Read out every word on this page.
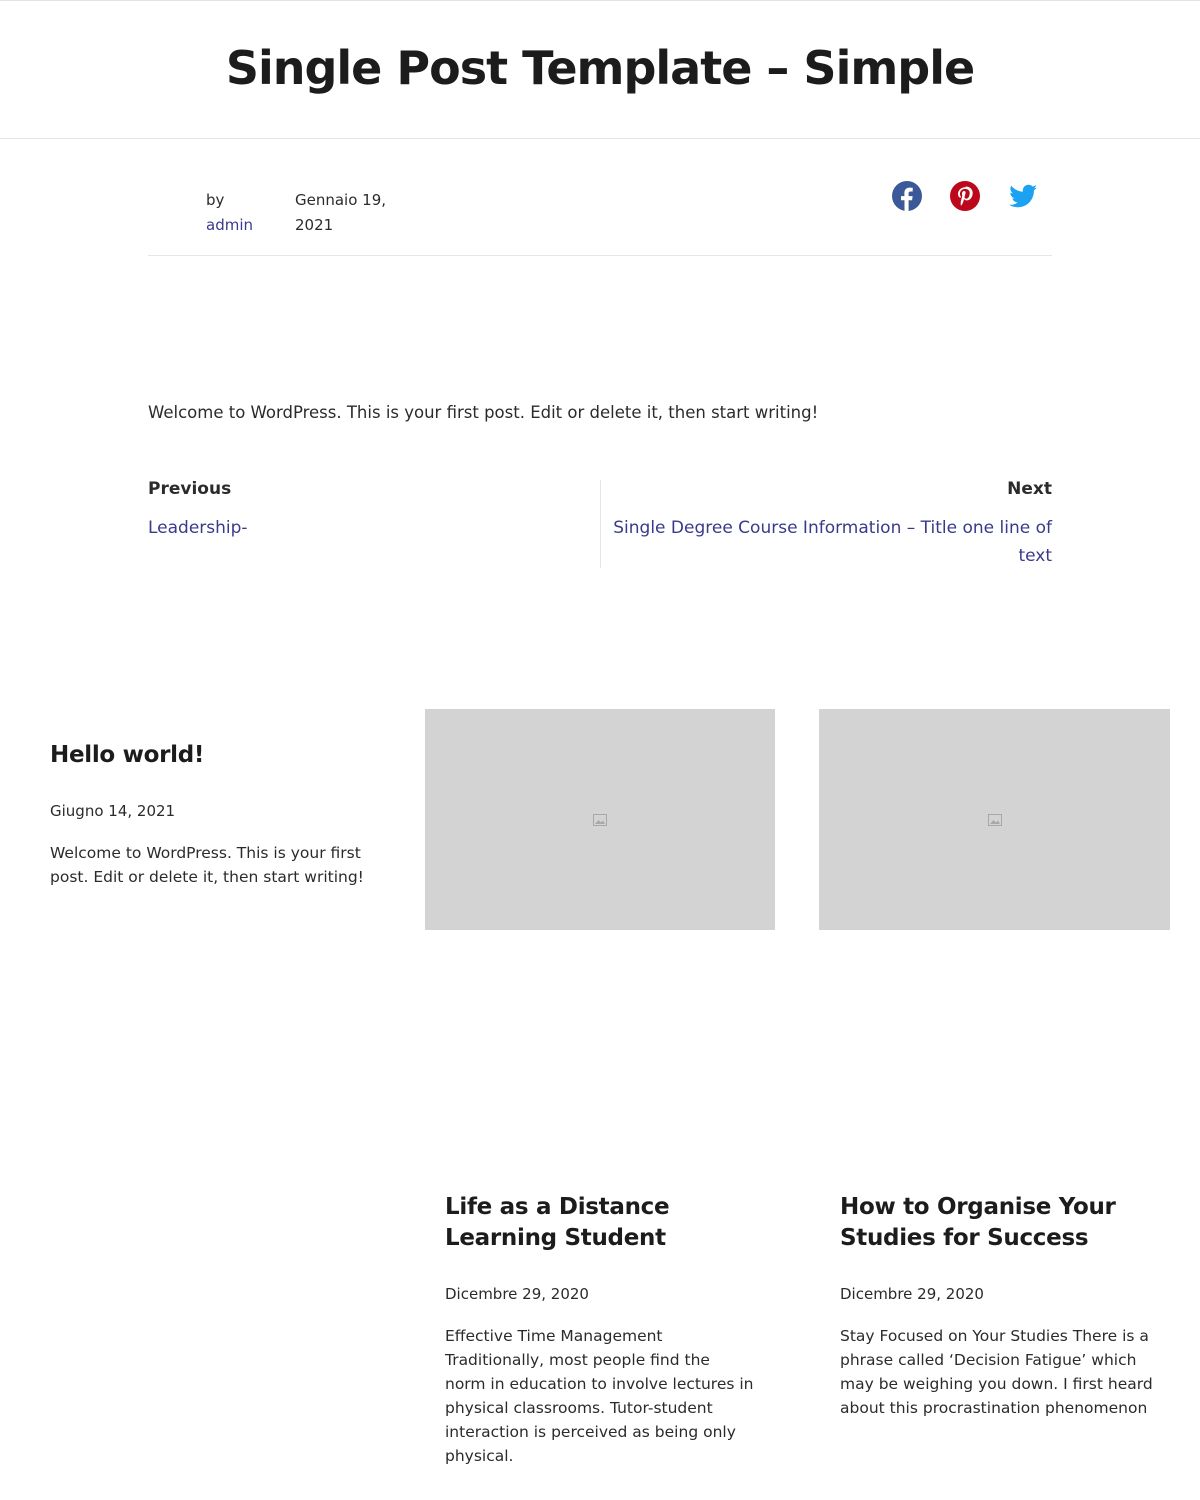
Single Post Template – Simple
by
admin
Gennaio 19, 2021

Welcome to WordPress. This is your first post. Edit or delete it, then start writing!

Previous
Leadership-
Next
Single Degree Course Information – Title one line of text
Hello world!
Giugno 14, 2021
Welcome to WordPress. This is your first post. Edit or delete it, then start writing!
Life as a Distance Learning Student
Dicembre 29, 2020
Effective Time Management Traditionally, most people find the norm in education to involve lectures in physical classrooms. Tutor-student interaction is perceived as being only physical.
How to Organise Your Studies for Success
Dicembre 29, 2020
Stay Focused on Your Studies There is a phrase called ‘Decision Fatigue’ which may be weighing you down. I first heard about this procrastination phenomenon
